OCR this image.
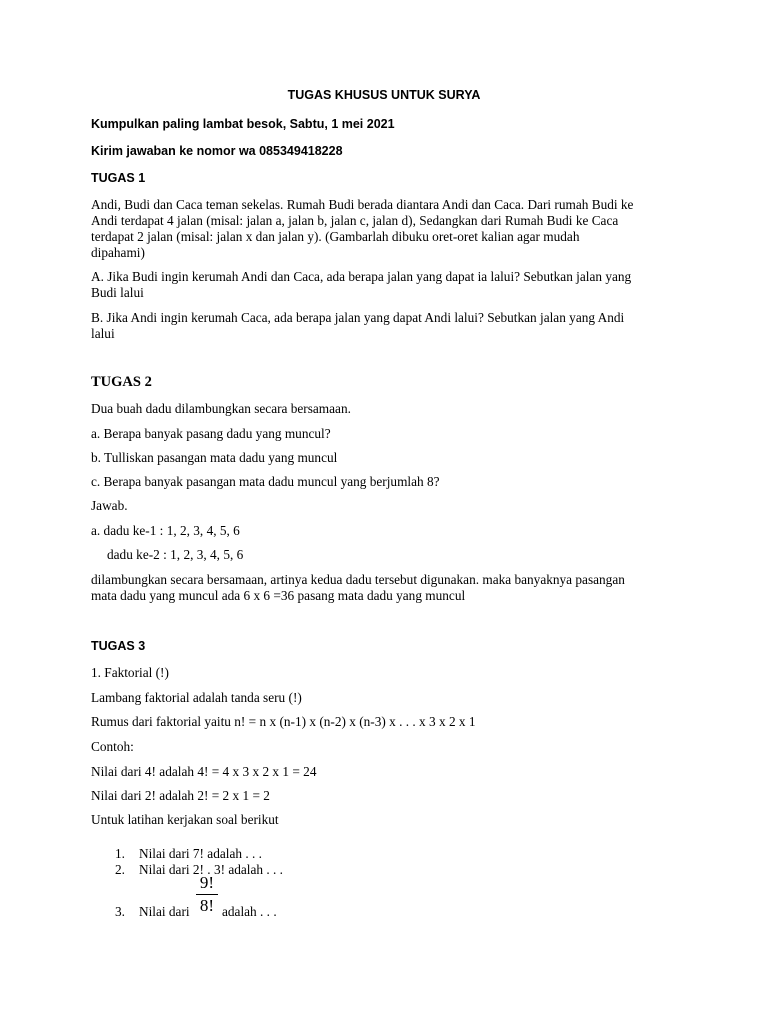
TUGAS KHUSUS UNTUK SURYA
Kumpulkan paling lambat besok, Sabtu, 1 mei 2021
Kirim jawaban ke nomor wa 085349418228
TUGAS 1
Andi, Budi dan Caca teman sekelas. Rumah Budi berada diantara Andi dan Caca. Dari rumah Budi ke
Andi terdapat 4 jalan (misal: jalan a, jalan b, jalan c, jalan d), Sedangkan dari Rumah Budi ke Caca
terdapat 2 jalan (misal: jalan x dan jalan y). (Gambarlah dibuku oret-oret kalian agar mudah
dipahami)
A. Jika Budi ingin kerumah Andi dan Caca, ada berapa jalan yang dapat ia lalui? Sebutkan jalan yang
Budi lalui
B. Jika Andi ingin kerumah Caca, ada berapa jalan yang dapat Andi lalui? Sebutkan jalan yang Andi
lalui
TUGAS 2
Dua buah dadu dilambungkan secara bersamaan.
a. Berapa banyak pasang dadu yang muncul?
b. Tulliskan pasangan mata dadu yang muncul
c. Berapa banyak pasangan mata dadu muncul yang berjumlah 8?
Jawab.
a. dadu ke-1 : 1, 2, 3, 4, 5, 6
dadu ke-2 : 1, 2, 3, 4, 5, 6
dilambungkan secara bersamaan, artinya kedua dadu tersebut digunakan. maka banyaknya pasangan
mata dadu yang muncul ada 6 x 6 =36 pasang mata dadu yang muncul
TUGAS 3
1. Faktorial (!)
Lambang faktorial adalah tanda seru (!)
Rumus dari faktorial yaitu n! = n x (n-1) x (n-2) x (n-3) x . . . x 3 x 2 x 1
Contoh:
Nilai dari 4! adalah 4! = 4 x 3 x 2 x 1 = 24
Nilai dari 2! adalah 2! = 2 x 1 = 2
Untuk latihan kerjakan soal berikut
1. Nilai dari 7! adalah . . .
2. Nilai dari 2! . 3! adalah . . .
3. Nilai dari
9!
8! adalah . . .
